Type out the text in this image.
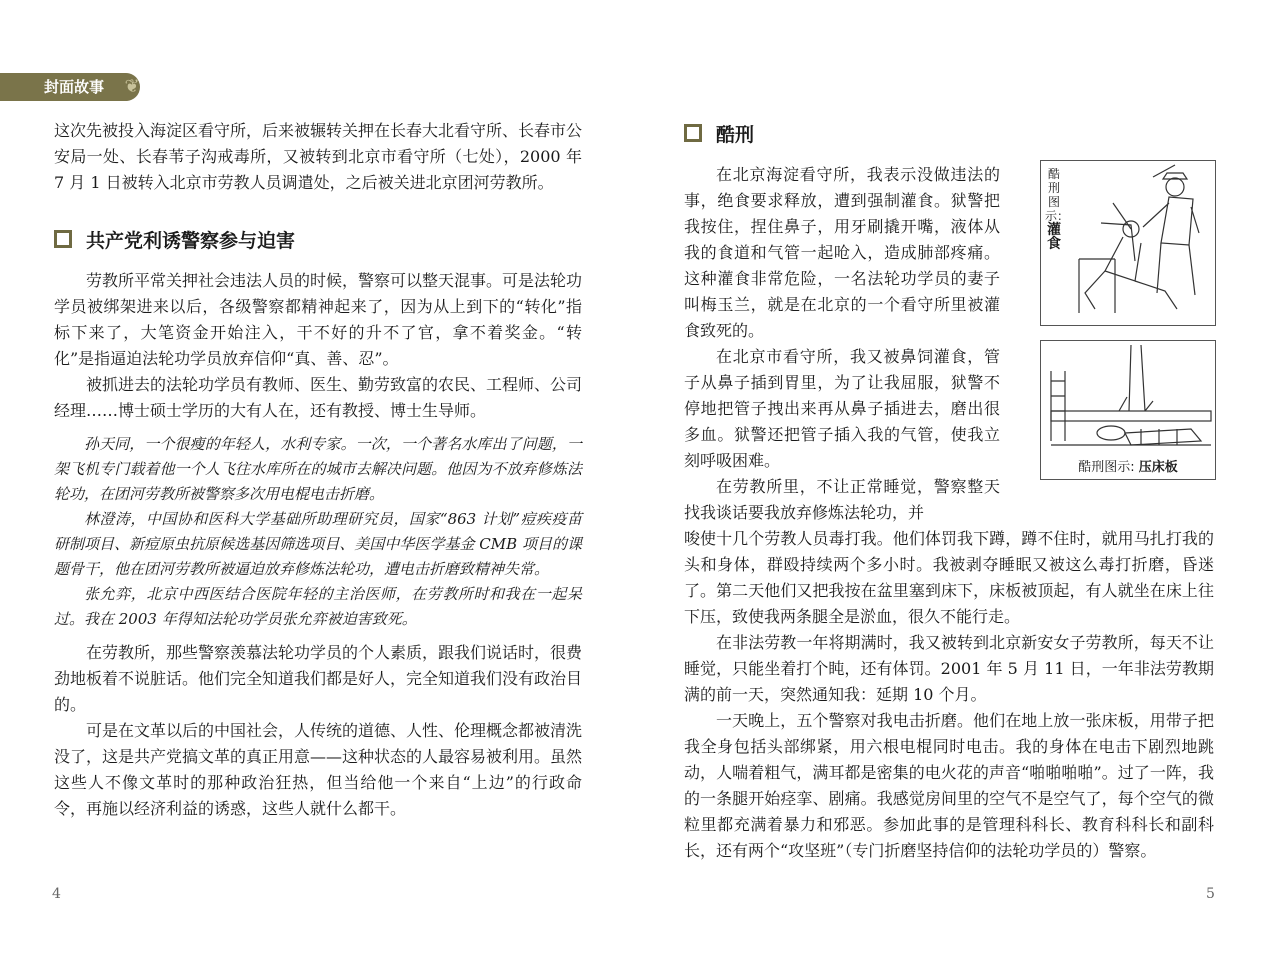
封面故事	❦

这次先被投入海淀区看守所，后来被辗转关押在长春大北看守所、长春市公安局一处、长春苇子沟戒毒所，又被转到北京市看守所（七处），2000 年 7 月 1 日被转入北京市劳教人员调遣处，之后被关进北京团河劳教所。

共产党利诱警察参与迫害

劳教所平常关押社会违法人员的时候，警察可以整天混事。可是法轮功学员被绑架进来以后，各级警察都精神起来了，因为从上到下的“转化”指标下来了，大笔资金开始注入，干不好的升不了官，拿不着奖金。“转化”是指逼迫法轮功学员放弃信仰“真、善、忍”。

被抓进去的法轮功学员有教师、医生、勤劳致富的农民、工程师、公司经理……博士硕士学历的大有人在，还有教授、博士生导师。

孙天同，一个很瘦的年轻人，水利专家。一次，一个著名水库出了问题，一架飞机专门载着他一个人飞往水库所在的城市去解决问题。他因为不放弃修炼法轮功，在团河劳教所被警察多次用电棍电击折磨。

林澄涛，中国协和医科大学基础所助理研究员，国家“863 计划”痘疾疫苗研制项目、新痘原虫抗原候选基因筛选项目、美国中华医学基金 CMB 项目的课题骨干，他在团河劳教所被逼迫放弃修炼法轮功，遭电击折磨致精神失常。

张允弈，北京中西医结合医院年轻的主治医师，在劳教所时和我在一起呆过。我在 2003 年得知法轮功学员张允弈被迫害致死。

在劳教所，那些警察羡慕法轮功学员的个人素质，跟我们说话时，很费劲地板着不说脏话。他们完全知道我们都是好人，完全知道我们没有政治目的。

可是在文革以后的中国社会，人传统的道德、人性、伦理概念都被清洗没了，这是共产党搞文革的真正用意——这种状态的人最容易被利用。虽然这些人不像文革时的那种政治狂热，但当给他一个来自“上边”的行政命令，再施以经济利益的诱惑，这些人就什么都干。

4
酷刑

在北京海淀看守所，我表示没做违法的事，绝食要求释放，遭到强制灌食。狱警把我按住，捏住鼻子，用牙刷撬开嘴，液体从我的食道和气管一起呛入，造成肺部疼痛。这种灌食非常危险，一名法轮功学员的妻子叫梅玉兰，就是在北京的一个看守所里被灌食致死的。

在北京市看守所，我又被鼻饲灌食，管子从鼻子插到胃里，为了让我屈服，狱警不停地把管子拽出来再从鼻子插进去，磨出很多血。狱警还把管子插入我的气管，使我立刻呼吸困难。

在劳教所里，不让正常睡觉，警察整天找我谈话要我放弃修炼法轮功，并

唆使十几个劳教人员毒打我。他们体罚我下蹲，蹲不住时，就用马扎打我的头和身体，群殴持续两个多小时。我被剥夺睡眠又被这么毒打折磨，昏迷了。第二天他们又把我按在盆里塞到床下，床板被顶起，有人就坐在床上往下压，致使我两条腿全是淤血，很久不能行走。

在非法劳教一年将期满时，我又被转到北京新安女子劳教所，每天不让睡觉，只能坐着打个盹，还有体罚。2001 年 5 月 11 日，一年非法劳教期满的前一天，突然通知我：延期 10 个月。

一天晚上，五个警察对我电击折磨。他们在地上放一张床板，用带子把我全身包括头部绑紧，用六根电棍同时电击。我的身体在电击下剧烈地跳动，人喘着粗气，满耳都是密集的电火花的声音“啪啪啪啪”。过了一阵，我的一条腿开始痉挛、剧痛。我感觉房间里的空气不是空气了，每个空气的微粒里都充满着暴力和邪恶。参加此事的是管理科科长、教育科科长和副科长，还有两个“攻坚班”（专门折磨坚持信仰的法轮功学员的）警察。

酷刑图示：灌食
酷刑图示: 压床板
5
